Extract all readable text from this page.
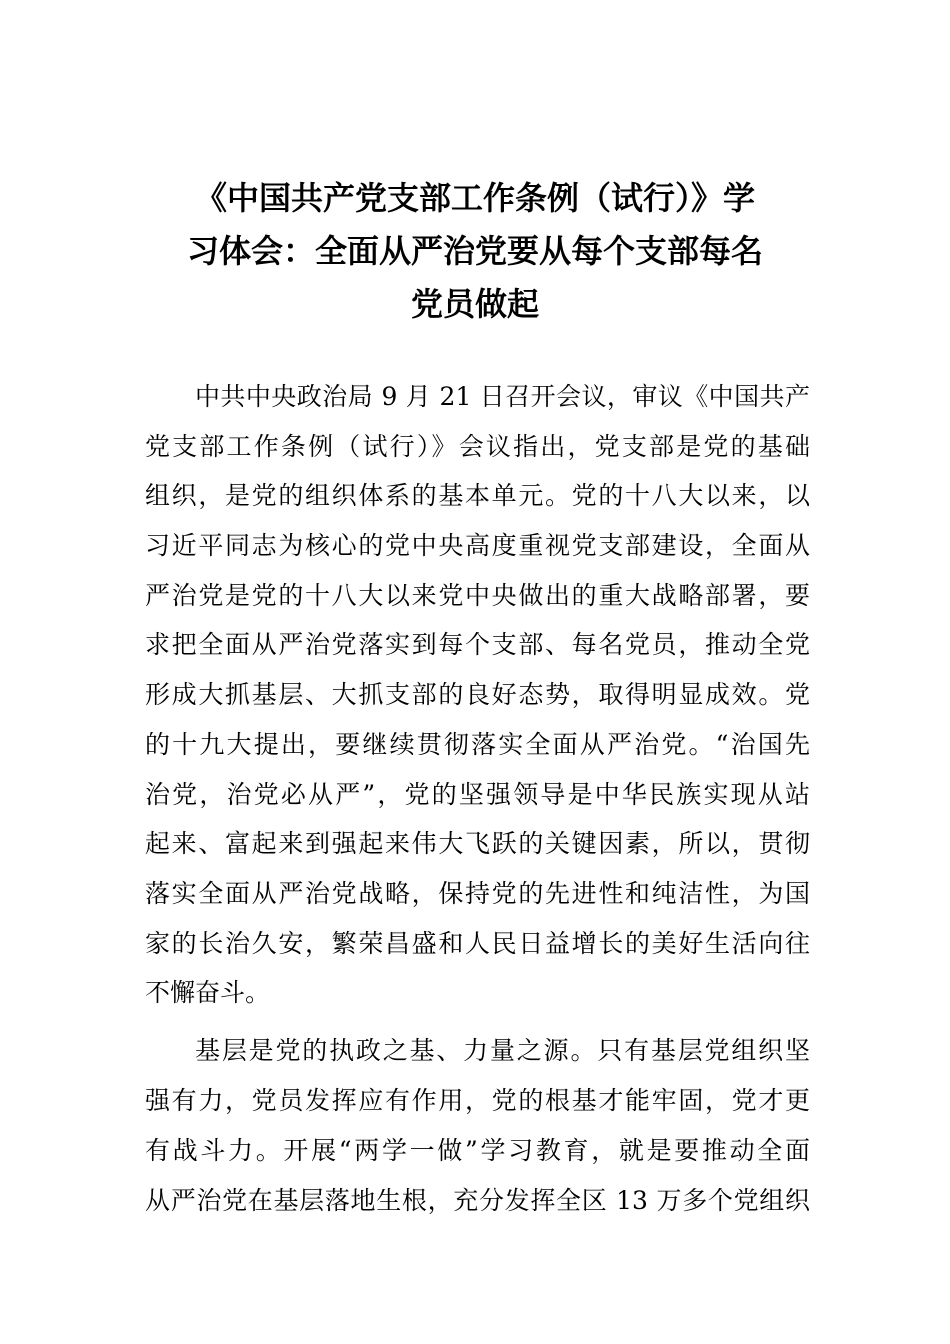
《中国共产党支部工作条例（试行）》学
习体会：全面从严治党要从每个支部每名
党员做起

中共中央政治局 9 月 21 日召开会议，审议《中国共产
党支部工作条例（试行）》会议指出，党支部是党的基础
组织，是党的组织体系的基本单元。党的十八大以来，以
习近平同志为核心的党中央高度重视党支部建设，全面从
严治党是党的十八大以来党中央做出的重大战略部署，要
求把全面从严治党落实到每个支部、每名党员，推动全党
形成大抓基层、大抓支部的良好态势，取得明显成效。党
的十九大提出，要继续贯彻落实全面从严治党。“治国先
治党，治党必从严”，党的坚强领导是中华民族实现从站
起来、富起来到强起来伟大飞跃的关键因素，所以，贯彻
落实全面从严治党战略，保持党的先进性和纯洁性，为国
家的长治久安，繁荣昌盛和人民日益增长的美好生活向往
不懈奋斗。

基层是党的执政之基、力量之源。只有基层党组织坚
强有力，党员发挥应有作用，党的根基才能牢固，党才更
有战斗力。开展“两学一做”学习教育，就是要推动全面
从严治党在基层落地生根，充分发挥全区 13 万多个党组织
